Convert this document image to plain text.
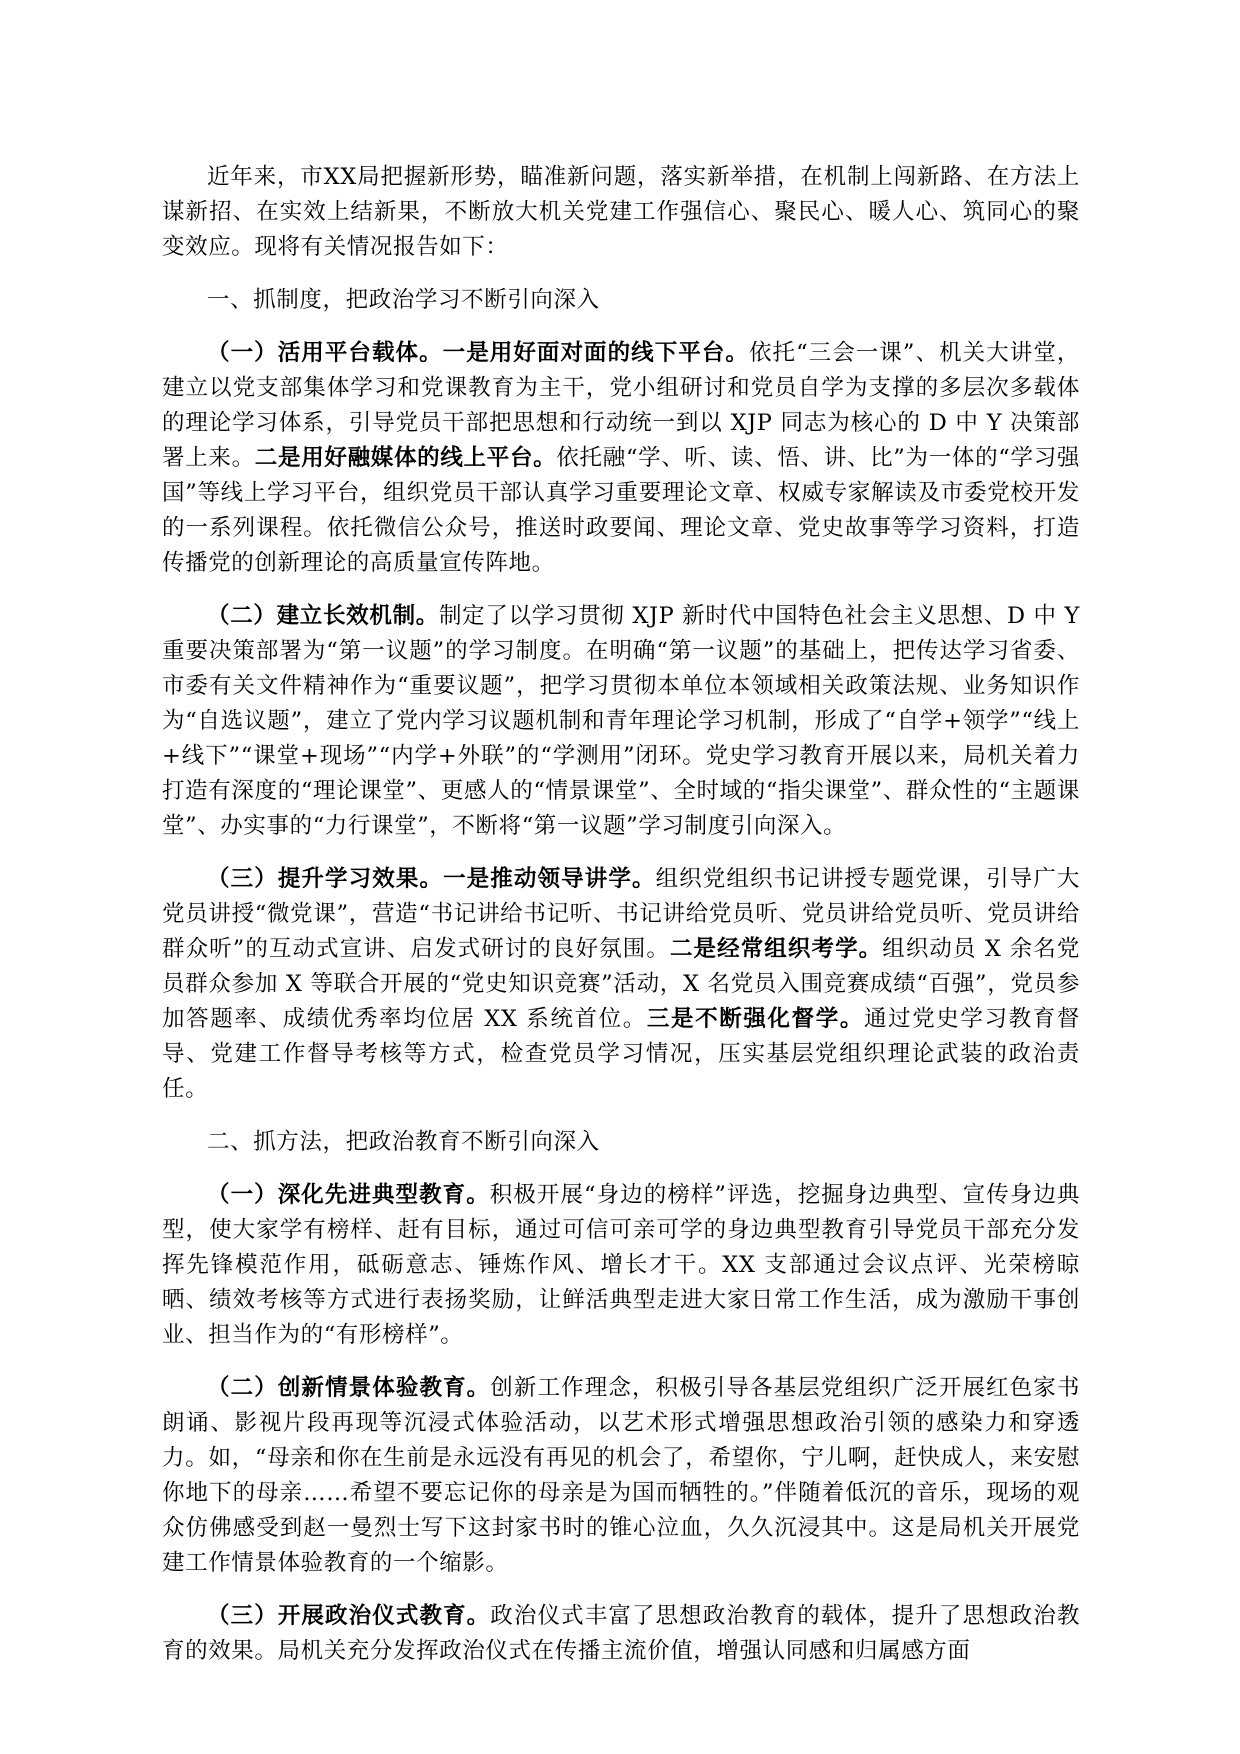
近年来，市XX局把握新形势，瞄准新问题，落实新举措，在机制上闯新路、在方法上谋新招、在实效上结新果，不断放大机关党建工作强信心、聚民心、暖人心、筑同心的聚变效应。现将有关情况报告如下：

一、抓制度，把政治学习不断引向深入

（一）活用平台载体。一是用好面对面的线下平台。依托“三会一课”、机关大讲堂，建立以党支部集体学习和党课教育为主干，党小组研讨和党员自学为支撑的多层次多载体的理论学习体系，引导党员干部把思想和行动统一到以 XJP 同志为核心的 D 中 Y 决策部署上来。二是用好融媒体的线上平台。依托融“学、听、读、悟、讲、比”为一体的“学习强国”等线上学习平台，组织党员干部认真学习重要理论文章、权威专家解读及市委党校开发的一系列课程。依托微信公众号，推送时政要闻、理论文章、党史故事等学习资料，打造传播党的创新理论的高质量宣传阵地。

（二）建立长效机制。制定了以学习贯彻 XJP 新时代中国特色社会主义思想、D 中 Y 重要决策部署为“第一议题”的学习制度。在明确“第一议题”的基础上，把传达学习省委、市委有关文件精神作为“重要议题”，把学习贯彻本单位本领域相关政策法规、业务知识作为“自选议题”，建立了党内学习议题机制和青年理论学习机制，形成了“自学+领学”“线上+线下”“课堂+现场”“内学+外联”的“学测用”闭环。党史学习教育开展以来，局机关着力打造有深度的“理论课堂”、更感人的“情景课堂”、全时域的“指尖课堂”、群众性的“主题课堂”、办实事的“力行课堂”，不断将“第一议题”学习制度引向深入。

（三）提升学习效果。一是推动领导讲学。组织党组织书记讲授专题党课，引导广大党员讲授“微党课”，营造“书记讲给书记听、书记讲给党员听、党员讲给党员听、党员讲给群众听”的互动式宣讲、启发式研讨的良好氛围。二是经常组织考学。组织动员 X 余名党员群众参加 X 等联合开展的“党史知识竞赛”活动，X 名党员入围竞赛成绩“百强”，党员参加答题率、成绩优秀率均位居 XX 系统首位。三是不断强化督学。通过党史学习教育督导、党建工作督导考核等方式，检查党员学习情况，压实基层党组织理论武装的政治责任。

二、抓方法，把政治教育不断引向深入

（一）深化先进典型教育。积极开展“身边的榜样”评选，挖掘身边典型、宣传身边典型，使大家学有榜样、赶有目标，通过可信可亲可学的身边典型教育引导党员干部充分发挥先锋模范作用，砥砺意志、锤炼作风、增长才干。XX 支部通过会议点评、光荣榜晾晒、绩效考核等方式进行表扬奖励，让鲜活典型走进大家日常工作生活，成为激励干事创业、担当作为的“有形榜样”。

（二）创新情景体验教育。创新工作理念，积极引导各基层党组织广泛开展红色家书朗诵、影视片段再现等沉浸式体验活动，以艺术形式增强思想政治引领的感染力和穿透力。如，“母亲和你在生前是永远没有再见的机会了，希望你，宁儿啊，赶快成人，来安慰你地下的母亲……希望不要忘记你的母亲是为国而牺牲的。”伴随着低沉的音乐，现场的观众仿佛感受到赵一曼烈士写下这封家书时的锥心泣血，久久沉浸其中。这是局机关开展党建工作情景体验教育的一个缩影。

（三）开展政治仪式教育。政治仪式丰富了思想政治教育的载体，提升了思想政治教育的效果。局机关充分发挥政治仪式在传播主流价值，增强认同感和归属感方面
